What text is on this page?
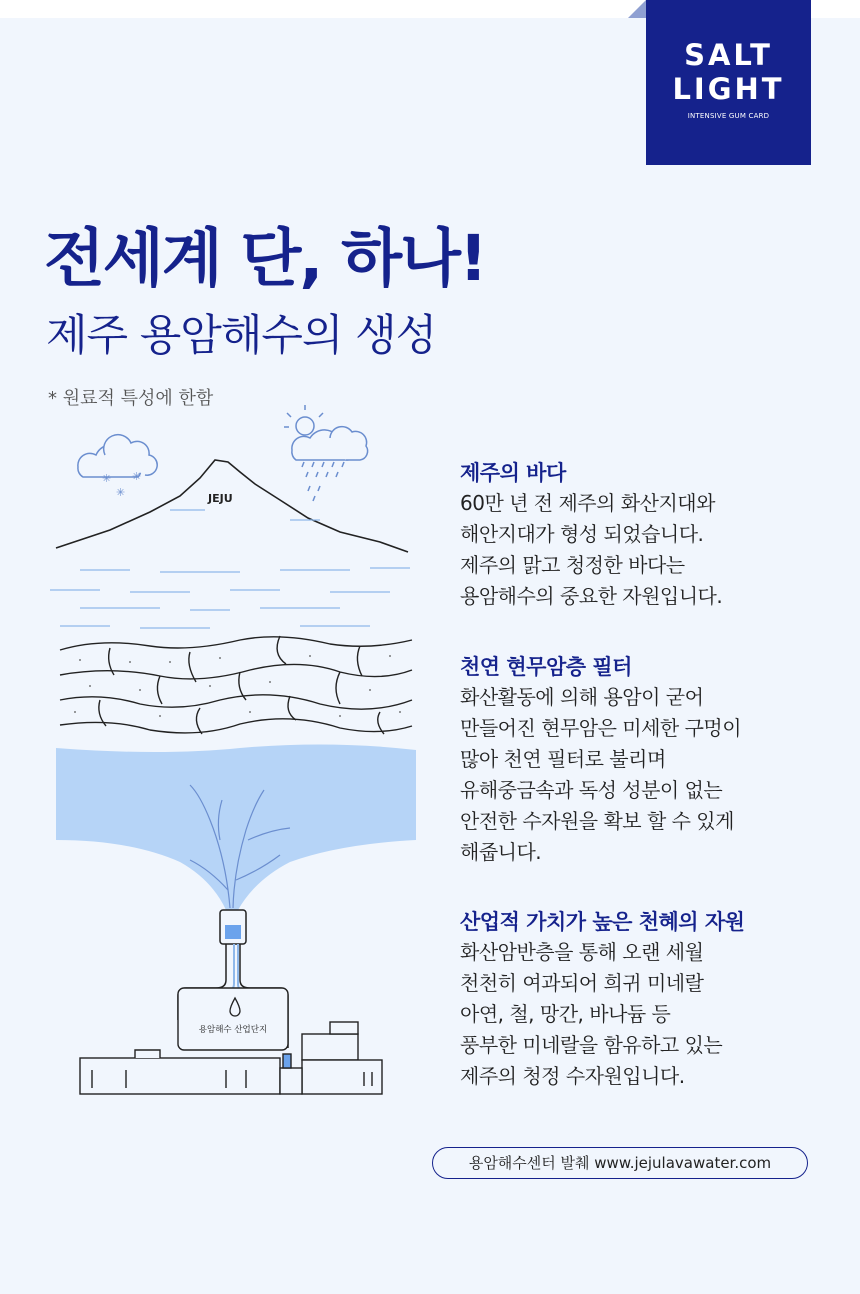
SALT
LIGHT
INTENSIVE GUM CARD
전세계 단, 하나!
제주 용암해수의 생성
* 원료적 특성에 한함
✳ ✳
✳	JEJU
용암해수 산업단지
제주의 바다

60만 년 전 제주의 화산지대와
해안지대가 형성 되었습니다.
제주의 맑고 청정한 바다는
용암해수의 중요한 자원입니다.

천연 현무암층 필터

화산활동에 의해 용암이 굳어
만들어진 현무암은 미세한 구멍이
많아 천연 필터로 불리며
유해중금속과 독성 성분이 없는
안전한 수자원을 확보 할 수 있게
해줍니다.

산업적 가치가 높은 천혜의 자원

화산암반층을 통해 오랜 세월
천천히 여과되어 희귀 미네랄
아연, 철, 망간, 바나듐 등
풍부한 미네랄을 함유하고 있는
제주의 청정 수자원입니다.

용암해수센터 발췌 www.jejulavawater.com
